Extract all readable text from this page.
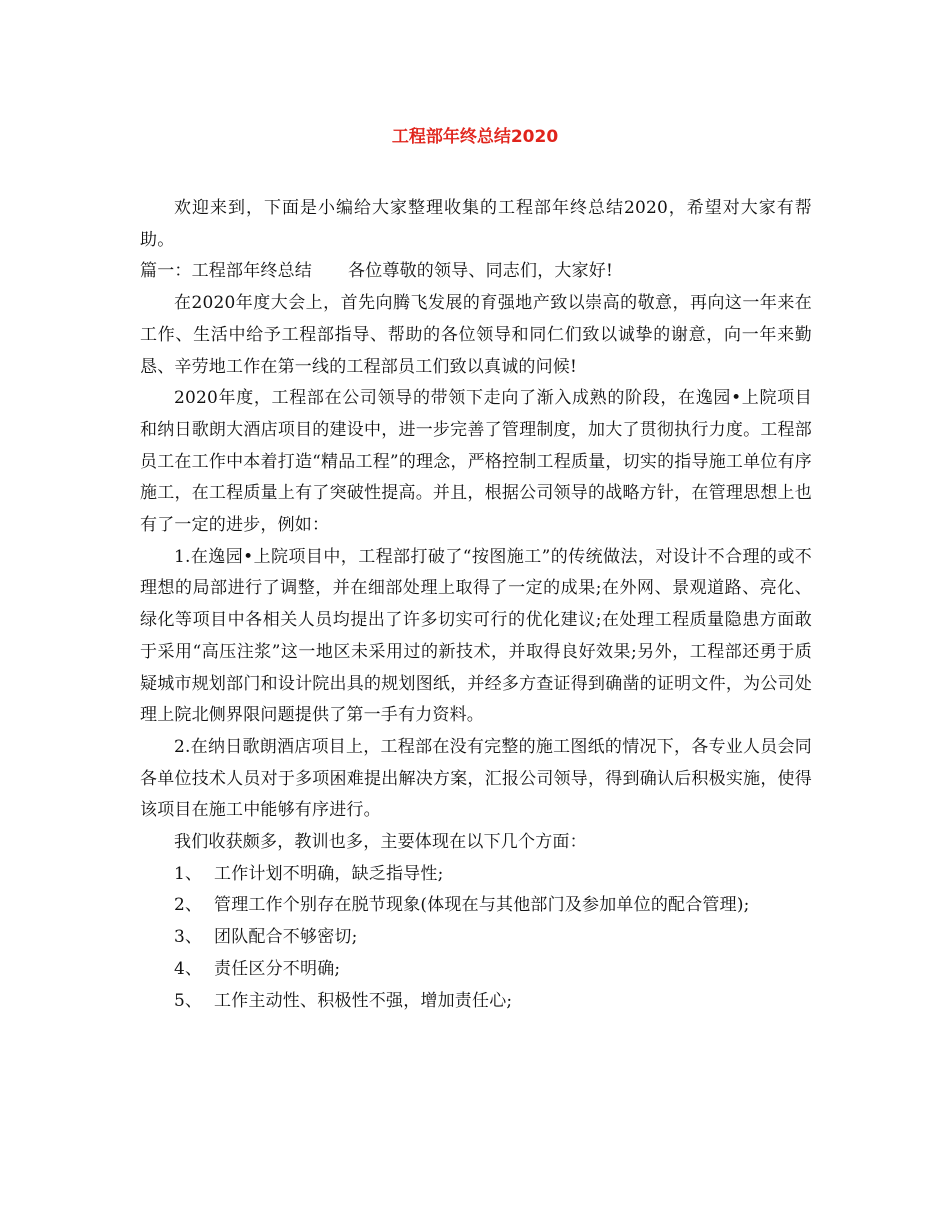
工程部年终总结2020

欢迎来到，下面是小编给大家整理收集的工程部年终总结2020，希望对大家有帮助。

篇一：工程部年终总结 各位尊敬的领导、同志们，大家好!

在2020年度大会上，首先向腾飞发展的育强地产致以崇高的敬意，再向这一年来在工作、生活中给予工程部指导、帮助的各位领导和同仁们致以诚挚的谢意，向一年来勤恳、辛劳地工作在第一线的工程部员工们致以真诚的问候!

2020年度，工程部在公司领导的带领下走向了渐入成熟的阶段，在逸园•上院项目和纳日歌朗大酒店项目的建设中，进一步完善了管理制度，加大了贯彻执行力度。工程部员工在工作中本着打造“精品工程”的理念，严格控制工程质量，切实的指导施工单位有序施工，在工程质量上有了突破性提高。并且，根据公司领导的战略方针，在管理思想上也有了一定的进步，例如：

1.在逸园•上院项目中，工程部打破了“按图施工”的传统做法，对设计不合理的或不理想的局部进行了调整，并在细部处理上取得了一定的成果;在外网、景观道路、亮化、绿化等项目中各相关人员均提出了许多切实可行的优化建议;在处理工程质量隐患方面敢于采用“高压注浆”这一地区未采用过的新技术，并取得良好效果;另外，工程部还勇于质疑城市规划部门和设计院出具的规划图纸，并经多方查证得到确凿的证明文件，为公司处理上院北侧界限问题提供了第一手有力资料。

2.在纳日歌朗酒店项目上，工程部在没有完整的施工图纸的情况下，各专业人员会同各单位技术人员对于多项困难提出解决方案，汇报公司领导，得到确认后积极实施，使得该项目在施工中能够有序进行。

我们收获颇多，教训也多，主要体现在以下几个方面：

1、 工作计划不明确，缺乏指导性;
2、 管理工作个别存在脱节现象(体现在与其他部门及参加单位的配合管理);
3、 团队配合不够密切;
4、 责任区分不明确;
5、 工作主动性、积极性不强，增加责任心;
